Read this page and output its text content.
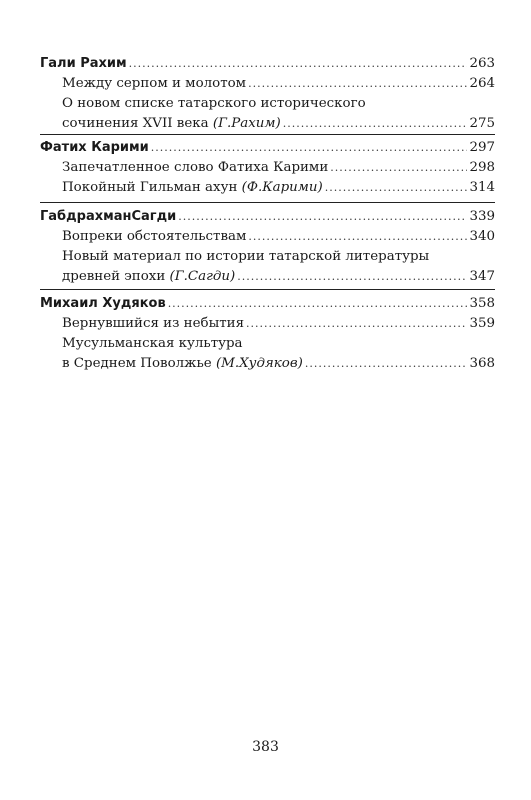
Гали Рахим .....	263
Между серпом и молотом .....	264
О новом списке татарского исторического
сочинения XVII века (Г.Рахим) .....	275
Фатих Карими .....	297
Запечатленное слово Фатиха Карими .....	298
Покойный Гильман ахун (Ф.Карими) .....	314
ГабдрахманСагди .....	339
Вопреки обстоятельствам .....	340
Новый материал по истории татарской литературы
древней эпохи (Г.Сагди) .....	347
Михаил Худяков .....	358
Вернувшийся из небытия .....	359
Мусульманская культура
в Среднем Поволжье (М.Худяков) .....	368
383
